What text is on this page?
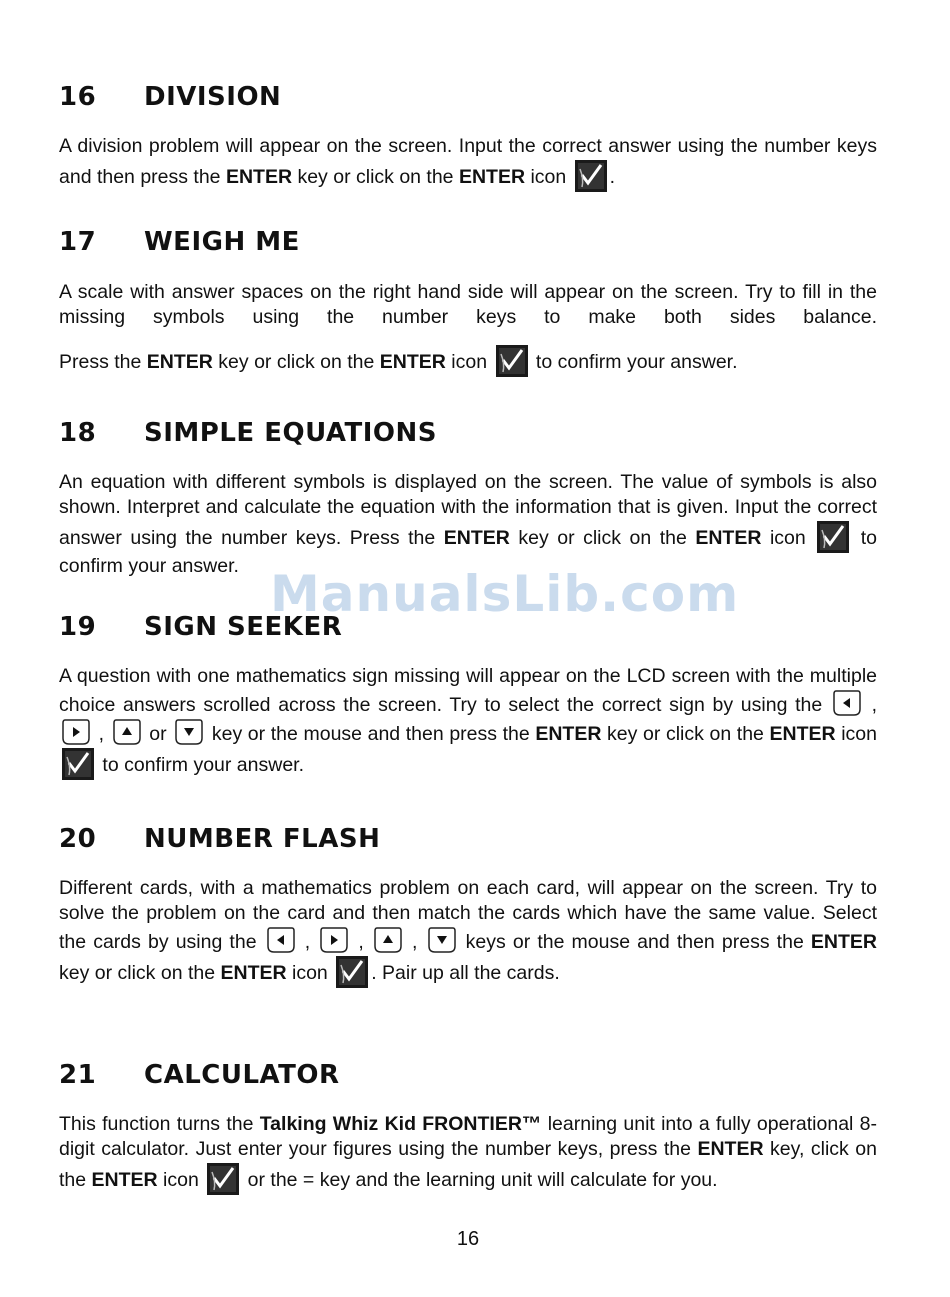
16 DIVISION

A division problem will appear on the screen. Input the correct answer using the number keys and then press the ENTER key or click on the ENTER icon
.

17 WEIGH ME

A scale with answer spaces on the right hand side will appear on the screen. Try to fill in the missing symbols using the number keys to make both sides balance.

Press the ENTER key or click on the ENTER icon
to confirm your answer.

18 SIMPLE EQUATIONS

An equation with different symbols is displayed on the screen. The value of symbols is also shown. Interpret and calculate the equation with the information that is given. Input the correct answer using the number keys. Press the ENTER key or click on the ENTER icon
to confirm your answer.

19 SIGN SEEKER

A question with one mathematics sign missing will appear on the LCD screen with the multiple choice answers scrolled across the screen. Try to select the correct sign by using the
,
,
or
key or the mouse and then press the ENTER key or click on the ENTER icon
to confirm your answer.

20 NUMBER FLASH

Different cards, with a mathematics problem on each card, will appear on the screen. Try to solve the problem on the card and then match the cards which have the same value. Select the cards by using the
,
,
,
keys or the mouse and then press the ENTER key or click on the ENTER icon
. Pair up all the cards.

21 CALCULATOR

This function turns the Talking Whiz Kid FRONTIER™ learning unit into a fully operational 8-digit calculator. Just enter your figures using the number keys, press the ENTER key, click on the ENTER icon
or the = key and the learning unit will calculate for you.

16
ManualsLib.com
